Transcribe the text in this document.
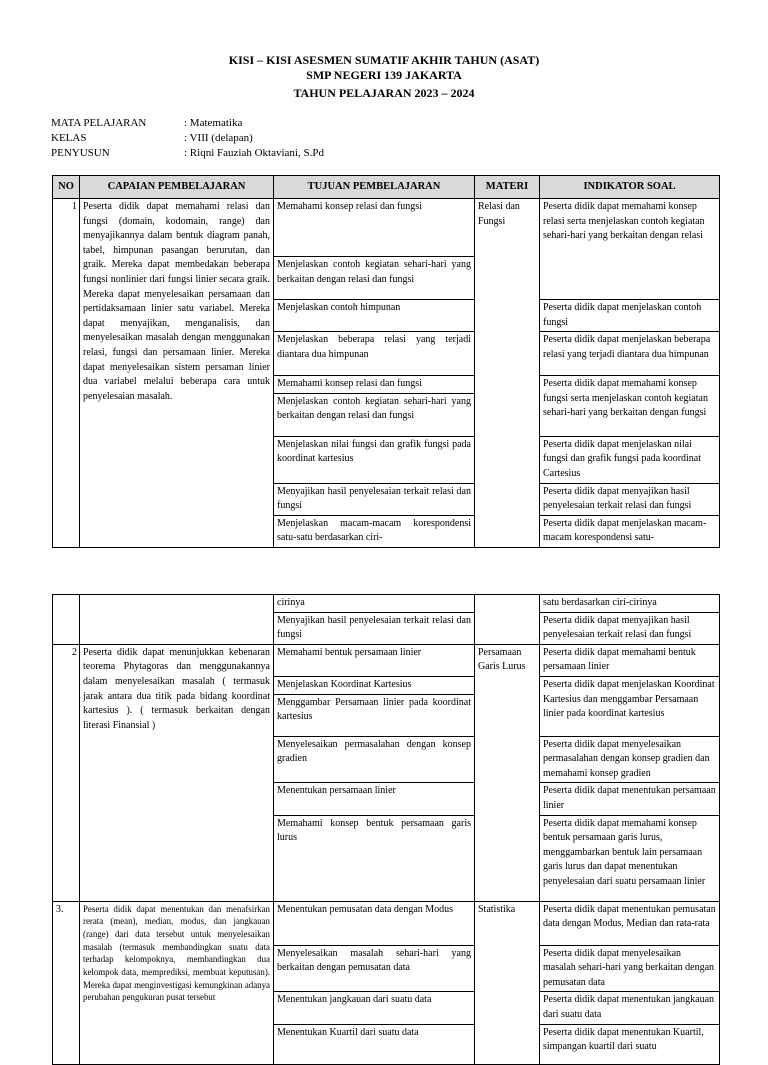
KISI – KISI ASESMEN SUMATIF AKHIR TAHUN (ASAT)
SMP NEGERI 139 JAKARTA
TAHUN PELAJARAN 2023 – 2024
MATA PELAJARAN	: Matematika
KELAS	: VIII (delapan)
PENYUSUN	: Riqni Fauziah Oktaviani, S.Pd
NO	CAPAIAN PEMBELAJARAN	TUJUAN PEMBELAJARAN	MATERI	INDIKATOR SOAL
1	Peserta didik dapat memahami relasi dan fungsi (domain, kodomain, range) dan menyajikannya dalam bentuk diagram panah, tabel, himpunan pasangan berurutan, dan graik. Mereka dapat membedakan beberapa fungsi nonlinier dari fungsi linier secara graik. Mereka dapat menyelesaikan persamaan dan pertidaksamaan linier satu variabel. Mereka dapat menyajikan, menganalisis, dan menyelesaikan masalah dengan menggunakan relasi, fungsi dan persamaan linier. Mereka dapat menyelesaikan sistem persaman linier dua variabel melalui beberapa cara untuk penyelesaian masalah.	Memahami konsep relasi dan fungsi	Relasi dan Fungsi	Peserta didik dapat memahami konsep relasi serta menjelaskan contoh kegiatan sehari-hari yang berkaitan dengan relasi
		Menjelaskan contoh kegiatan sehari-hari yang berkaitan dengan relasi dan fungsi		
		Menjelaskan contoh himpunan		Peserta didik dapat menjelaskan contoh fungsi
		Menjelaskan beberapa relasi yang terjadi diantara dua himpunan		Peserta didik dapat menjelaskan beberapa relasi yang terjadi diantara dua himpunan
		Memahami konsep relasi dan fungsi		Peserta didik dapat memahami konsep fungsi serta menjelaskan contoh kegiatan sehari-hari yang berkaitan dengan fungsi
		Menjelaskan contoh kegiatan sehari-hari yang berkaitan dengan relasi dan fungsi		
		Menjelaskan nilai fungsi dan grafik fungsi pada koordinat kartesius		Peserta didik dapat menjelaskan nilai fungsi dan grafik fungsi pada koordinat Cartesius
		Menyajikan hasil penyelesaian terkait relasi dan fungsi		Peserta didik dapat menyajikan hasil penyelesaian terkait relasi dan fungsi
		Menjelaskan macam-macam korespondensi satu-satu berdasarkan ciri-		Peserta didik dapat menjelaskan macam-macam korespondensi satu-
		cirinya		satu berdasarkan ciri-cirinya
		Menyajikan hasil penyelesaian terkait relasi dan fungsi		Peserta didik dapat menyajikan hasil penyelesaian terkait relasi dan fungsi
2	Peserta didik dapat menunjukkan kebenaran teorema Phytagoras dan menggunakannya dalam menyelesaikan masalah ( termasuk jarak antara dua titik pada bidang koordinat kartesius ). ( termasuk berkaitan dengan literasi Finansial )	Memahami bentuk persamaan linier	Persamaan Garis Lurus	Peserta didik dapat memahami bentuk persamaan linier
		Menjelaskan Koordinat Kartesius		Peserta didik dapat menjelaskan Koordinat Kartesius dan menggambar Persamaan linier pada koordinat kartesius
		Menggambar Persamaan linier pada koordinat kartesius		
		Menyelesaikan permasalahan dengan konsep gradien		Peserta didik dapat menyelesaikan permasalahan dengan konsep gradien dan memahami konsep gradien
		Menentukan persamaan linier		Peserta didik dapat menentukan persamaan linier
		Memahami konsep bentuk persamaan garis lurus		Peserta didik dapat memahami konsep bentuk persamaan garis lurus, menggambarkan bentuk lain persamaan garis lurus dan dapat menentukan penyelesaian dari suatu persamaan linier
3.	Peserta didik dapat menentukan dan menafsirkan rerata (mean), median, modus, dan jangkauan (range) dari data tersebut untuk menyelesaikan masalah (termasuk membandingkan suatu data terhadap kelompoknya, membandingkan dua kelompok data, memprediksi, membuat keputusan). Mereka dapat menginvestigasi kemungkinan adanya perubahan pengukuran pusat tersebut	Menentukan pemusatan data dengan Modus	Statistika	Peserta didik dapat menentukan pemusatan data dengan Modus, Median dan rata-rata
		Menyelesaikan masalah sehari-hari yang berkaitan dengan pemusatan data		Peserta didik dapat menyelesaikan masalah sehari-hari yang berkaitan dengan pemusatan data
		Menentukan jangkauan dari suatu data		Peserta didik dapat menentukan jangkauan dari suatu data
		Menentukan Kuartil dari suatu data		Peserta didik dapat menentukan Kuartil, simpangan kuartil dari suatu
